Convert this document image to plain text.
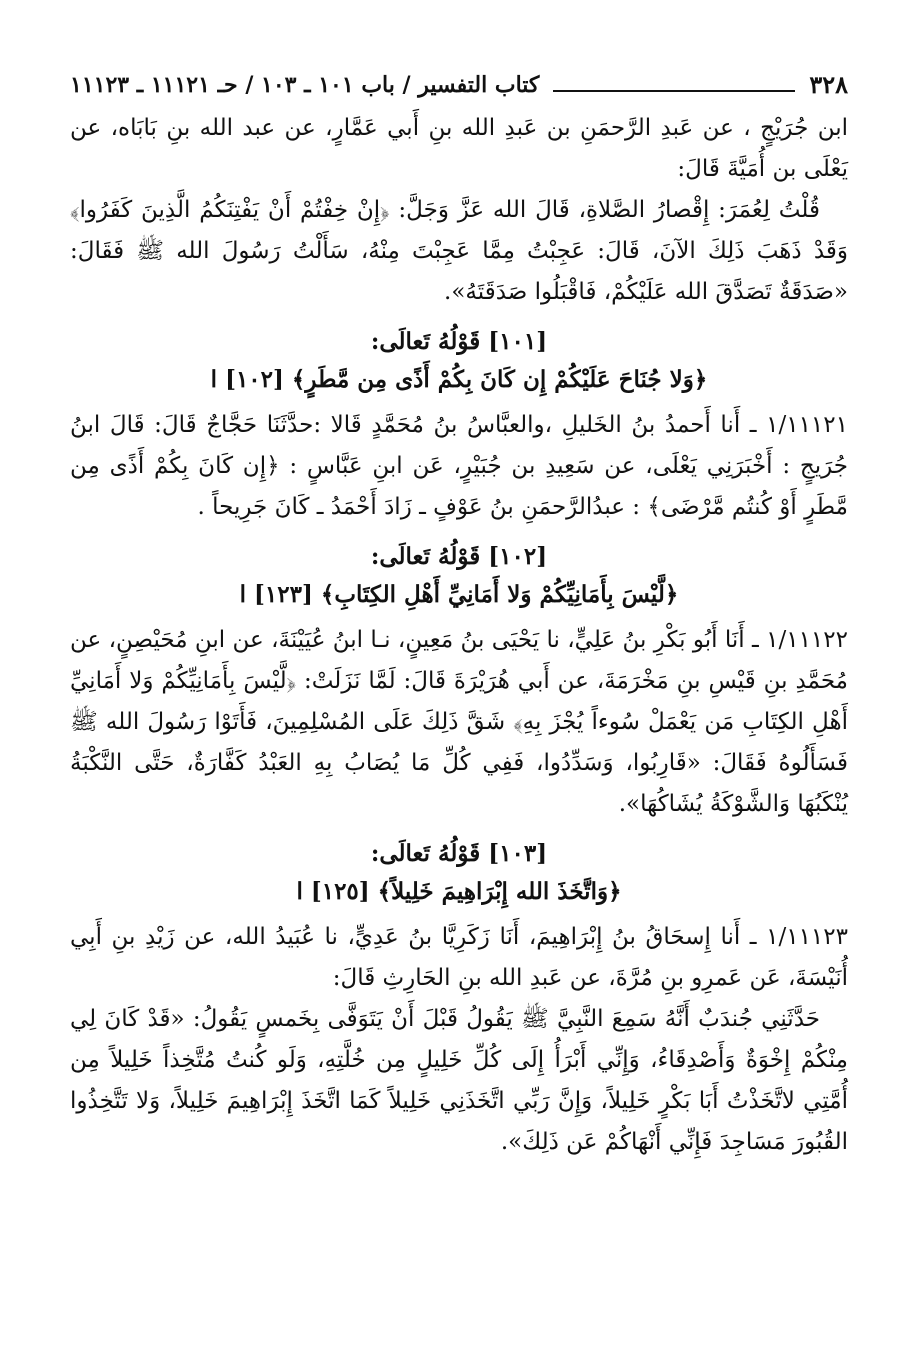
٣٢٨
كتاب التفسير / باب ١٠١ ـ ١٠٣ / حـ ١١١٢١ ـ ١١١٢٣

ابن جُرَيْجٍ ، عن عَبدِ الرَّحمَنِ بن عَبدِ الله بنِ أَبي عَمَّارٍ، عن عبد الله بنِ بَابَاه، عن يَعْلَى بن أُمَيَّةَ قَالَ:

قُلْتُ لِعُمَرَ: إِقْصارُ الصَّلاةِ، قَالَ الله عَزَّ وَجَلَّ: ﴿إِنْ خِفْتُمْ أَنْ يَفْتِنَكُمُ الَّذِينَ كَفَرُوا﴾ وَقَدْ ذَهَبَ ذَلِكَ الآنَ، قَالَ: عَجِبْتُ مِمَّا عَجِبْتَ مِنْهُ، سَأَلْتُ رَسُولَ الله ﷺ فَقَالَ: «صَدَقَةٌ تَصَدَّقَ الله عَلَيْكُمْ، فَاقْبَلُوا صَدَقَتَهُ».

[١٠١] قَوْلُهُ تَعالَى:

﴿وَلا جُنَاحَ عَلَيْكُمْ إِن كَانَ بِكُمْ أَذًى مِن مَّطَرٍ﴾ [١٠٢] ا

١/١١١٢١ ـ أَنا أَحمدُ بنُ الخَليلِ ،والعبَّاسُ بنُ مُحَمَّدٍ قَالا :حدَّثَنَا حَجَّاجٌ قَالَ: قَالَ ابنُ جُرَيجٍ : أَخْبَرَنِي يَعْلَى، عن سَعِيدِ بن جُبَيْرٍ، عَن ابنِ عَبَّاسٍ : ﴿إِن كَانَ بِكُمْ أَذًى مِن مَّطَرٍ أَوْ كُنتُم مَّرْضَى﴾ : عبدُالرَّحمَنِ بنُ عَوْفٍ ـ زَادَ أَحْمَدُ ـ كَانَ جَرِيحاً .

[١٠٢] قَوْلُهُ تَعالَى:

﴿لَّيْسَ بِأَمَانِيِّكُمْ وَلا أَمَانِيِّ أَهْلِ الكِتَابِ﴾ [١٢٣] ا

١/١١١٢٢ ـ أَنَا أَبُو بَكْرِ بنُ عَلِيٍّ، نا يَحْيَى بنُ مَعِينٍ، نـا ابنُ عُيَيْنَةَ، عن ابنِ مُحَيْصِنٍ، عن مُحَمَّدِ بنِ قَيْسِ بنِ مَخْرَمَةَ، عن أَبي هُرَيْرَةَ قَالَ: لَمَّا نَزَلَتْ: ﴿لَّيْسَ بِأَمَانِيِّكُمْ وَلا أَمَانِيِّ أَهْلِ الكِتَابِ مَن يَعْمَلْ سُوءاً يُجْزَ بِهِ﴾ شَقَّ ذَلِكَ عَلَى المُسْلِمِينَ، فَأَتَوْا رَسُولَ الله ﷺ فَسَأَلُوهُ فَقَالَ: «قَارِبُوا، وَسَدِّدُوا، فَفِي كُلِّ مَا يُصَابُ بِهِ العَبْدُ كَفَّارَةٌ، حَتَّى النَّكْبَةُ يُنْكَبُهَا وَالشَّوْكَةُ يُشَاكُهَا».

[١٠٣] قَوْلُهُ تَعالَى:

﴿وَاتَّخَذَ الله إِبْرَاهِيمَ خَلِيلاً﴾ [١٢٥] ا

١/١١١٢٣ ـ أَنا إِسحَاقُ بنُ إِبْرَاهِيمَ، أَنَا زَكَرِيَّا بنُ عَدِيٍّ، نا عُبَيدُ الله، عن زَيْدِ بنِ أَبِي أُنَيْسَةَ، عَن عَمرِو بنِ مُرَّةَ، عن عَبدِ الله بنِ الحَارِثِ قَالَ:

حَدَّثَنِي جُندَبٌ أَنَّهُ سَمِعَ النَّبِيَّ ﷺ يَقُولُ قَبْلَ أَنْ يَتَوَفَّى بِخَمسٍ يَقُولُ: «قَدْ كَانَ لِي مِنْكُمْ إِخْوَةٌ وَأَصْدِقَاءُ، وَإِنِّي أَبْرَأُ إِلَى كُلِّ خَلِيلٍ مِن خُلَّتِهِ، وَلَو كُنتُ مُتَّخِذاً خَلِيلاً مِن أُمَّتِي لاتَّخَذْتُ أَبَا بَكْرٍ خَلِيلاً، وَإِنَّ رَبِّي اتَّخَذَنِي خَلِيلاً كَمَا اتَّخَذَ إِبْرَاهِيمَ خَلِيلاً، وَلا تَتَّخِذُوا القُبُورَ مَسَاجِدَ فَإِنِّي أَنْهَاكُمْ عَن ذَلِكَ».
